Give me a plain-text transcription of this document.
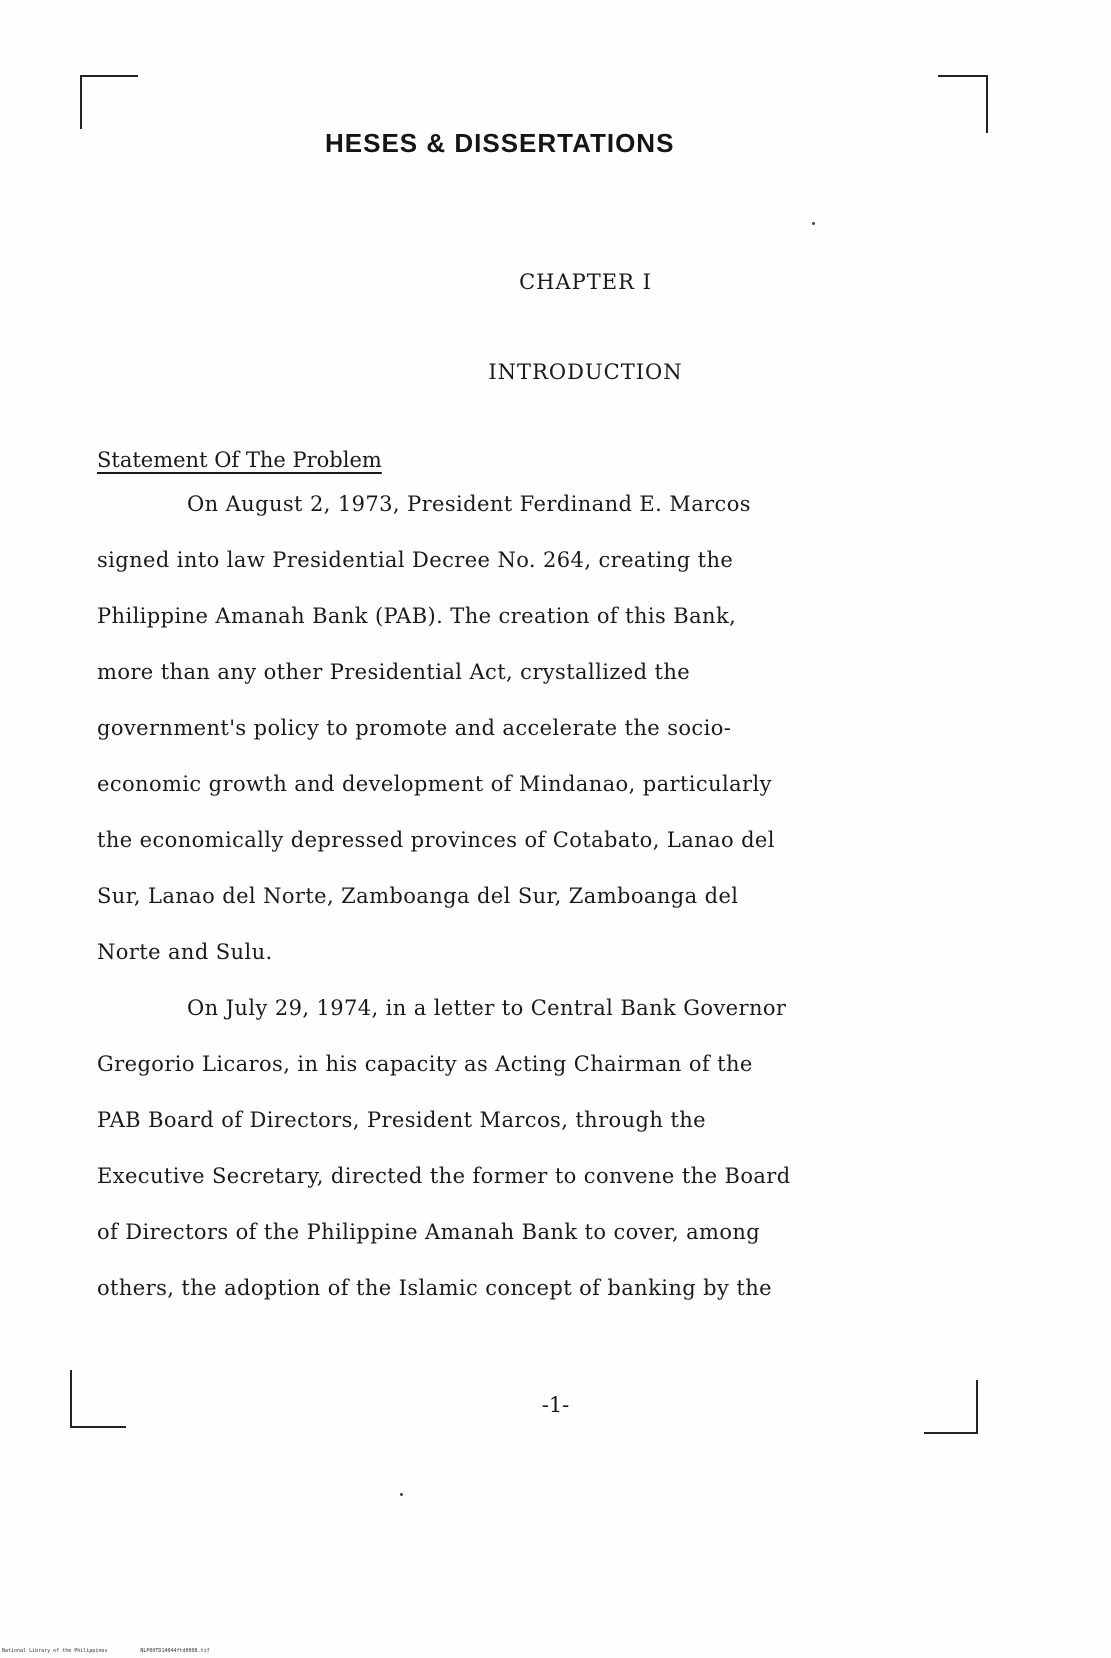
HESES & DISSERTATIONS
CHAPTER I
INTRODUCTION
Statement Of The Problem
On August 2, 1973, President Ferdinand E. Marcos
signed into law Presidential Decree No. 264, creating the
Philippine Amanah Bank (PAB). The creation of this Bank,
more than any other Presidential Act, crystallized the
government's policy to promote and accelerate the socio-
economic growth and development of Mindanao, particularly
the economically depressed provinces of Cotabato, Lanao del
Sur, Lanao del Norte, Zamboanga del Sur, Zamboanga del
Norte and Sulu.
On July 29, 1974, in a letter to Central Bank Governor
Gregorio Licaros, in his capacity as Acting Chairman of the
PAB Board of Directors, President Marcos, through the
Executive Secretary, directed the former to convene the Board
of Directors of the Philippine Amanah Bank to cover, among
others, the adoption of the Islamic concept of banking by the
-1-
National Library of the Philippines	NLP00TD14044ftd0008.tif
